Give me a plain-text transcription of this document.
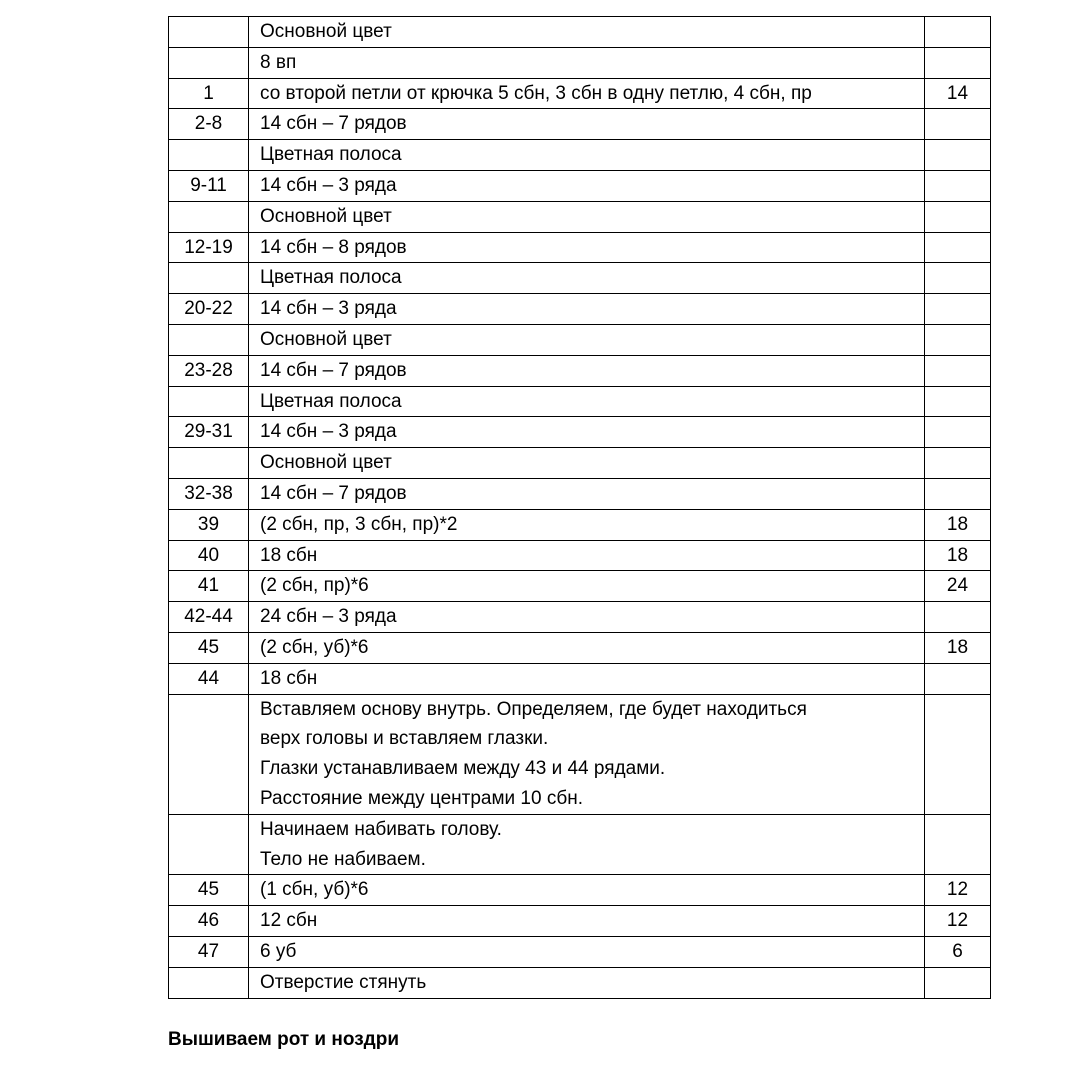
	Основной цвет	

	8 вп	

1	со второй петли от крючка 5 сбн, 3 сбн в одну петлю, 4 сбн, пр	14
2-8	14 сбн – 7 рядов	

	Цветная полоса	

9-11	14 сбн – 3 ряда	

	Основной цвет	

12-19	14 сбн – 8 рядов	

	Цветная полоса	

20-22	14 сбн – 3 ряда	

	Основной цвет	

23-28	14 сбн – 7 рядов	

	Цветная полоса	

29-31	14 сбн – 3 ряда	

	Основной цвет	

32-38	14 сбн – 7 рядов	

39	(2 сбн, пр, 3 сбн, пр)*2	18
40	18 сбн	18
41	(2 сбн, пр)*6	24
42-44	24 сбн – 3 ряда	

45	(2 сбн, уб)*6	18
44	18 сбн	

	Вставляем основу внутрь. Определяем, где будет находиться
верх головы и вставляем глазки.
Глазки устанавливаем между 43 и 44 рядами.
Расстояние между центрами 10 сбн.	

	Начинаем набивать голову.
Тело не набиваем.	

45	(1 сбн, уб)*6	12
46	12 сбн	12
47	6 уб	6

	Отверстие стянуть	

Вышиваем рот и ноздри
